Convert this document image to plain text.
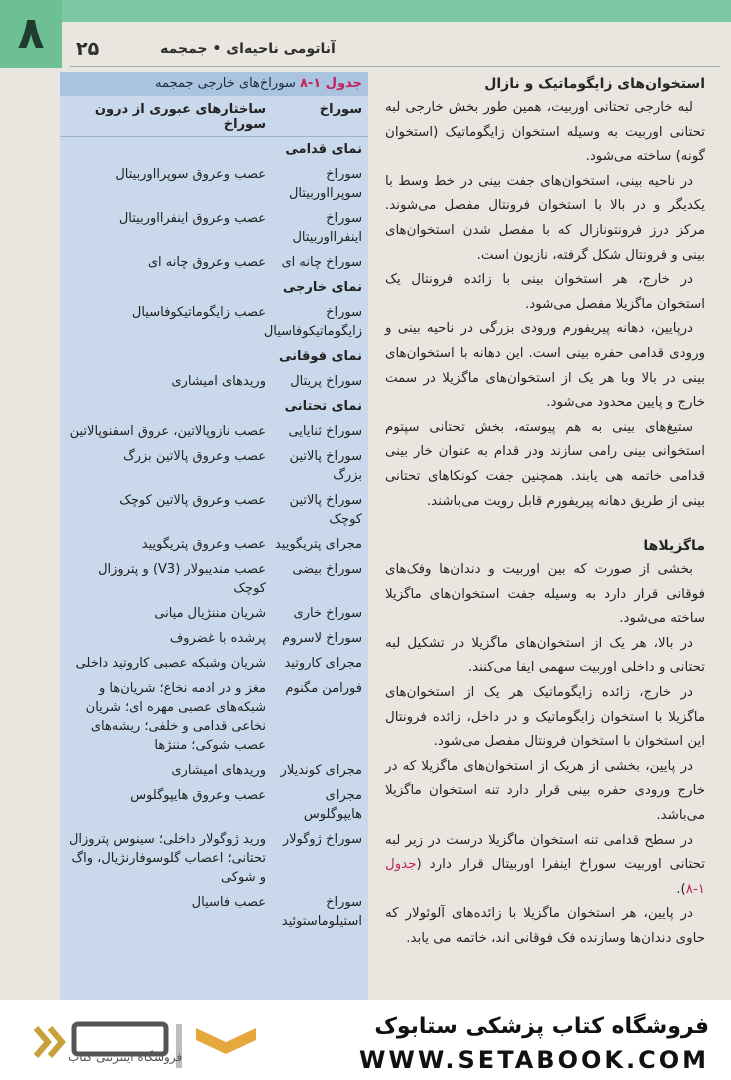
۸	۲۵	آناتومی ناحیه‌ای • جمجمه
جدول ۱-۸ سوراخ‌های خارجی جمجمه
سوراخ
ساختارهای عبوری از درون سوراخ
نمای قدامی
سوراخ سوپرااوربیتال
عصب وعروق سوپرااوربیتال
سوراخ اینفرااوربیتال
عصب وعروق اینفرااوربیتال
سوراخ چانه ای
عصب وعروق چانه ای
نمای خارجی
سوراخ زایگوماتیکوفاسیال
عصب زایگوماتیکوفاسیال
نمای فوقانی
سوراخ پریتال
وریدهای امیشاری
نمای تحتانی
سوراخ ثنایایی
عصب نازوپالاتین، عروق اسفنوپالاتین
سوراخ پالاتین بزرگ
عصب وعروق پالاتین بزرگ
سوراخ پالاتین کوچک
عصب وعروق پالاتین کوچک
مجرای پتریگویید
عصب وعروق پتریگویید
سوراخ بیضی
عصب مندیبولار (V3) و پتروزال کوچک
سوراخ خاری
شریان مننژیال میانی
سوراخ لاسروم
پرشده با غضروف
مجرای کاروتید
شریان وشبکه عصبی کاروتید داخلی
فورامن مگنوم
مغز و در ادمه نخاع؛ شریان‌ها و شبکه‌های عصبی مهره ای؛ شریان نخاعی قدامی و خلفی؛ ریشه‌های عصب شوکی؛ مننژها
مجرای کوندیلار
وریدهای امیشاری
مجرای هایپوگلوس
عصب وعروق هایپوگلوس
سوراخ ژوگولار
ورید ژوگولار داخلی؛ سینوس پتروزال تحتانی؛ اعصاب گلوسوفارنژیال، واگ و شوکی
سوراخ استیلوماستوئید
عصب فاسیال

استخوان‌های زایگوماتیک و نازال

لبه خارجی تحتانی اوربیت، همین طور بخش خارجی لبه تحتانی اوربیت به وسیله استخوان زایگوماتیک (استخوان گونه) ساخته می‌شود.

در ناحیه بینی، استخوان‌های جفت بینی در خط وسط با یکدیگر و در بالا با استخوان فرونتال مفصل می‌شوند. مرکز درز فرونتونازال که با مفصل شدن استخوان‌های بینی و فرونتال شکل گرفته، نازیون است.

در خارج، هر استخوان بینی با زائده فرونتال یک استخوان ماگزیلا مفصل می‌شود.

درپایین، دهانه پیریفورم ورودی بزرگی در ناحیه بینی و ورودی قدامی حفره بینی است. این دهانه با استخوان‌های بینی در بالا وبا هر یک از استخوان‌های ماگزیلا در سمت خارج و پایین محدود می‌شود.

ستیغ‌های بینی به هم پیوسته، بخش تحتانی سپتوم استخوانی بینی رامی سازند ودر قدام به عنوان خار بینی قدامی خاتمه هی یابند. همچنین جفت کونکاهای تحتانی بینی از طریق دهانه پیریفورم قابل رویت می‌باشند.

ماگزیلاها

بخشی از صورت که بین اوربیت و دندان‌ها وفک‌های فوقانی قرار دارد به وسیله جفت استخوان‌های ماگزیلا ساخته می‌شود.

در بالا، هر یک از استخوان‌های ماگزیلا در تشکیل لبه تحتانی و داخلی اوربیت سهمی ایفا می‌کنند.

در خارج، زائده زایگوماتیک هر یک از استخوان‌های ماگزیلا با استخوان زایگوماتیک و در داخل، زائده فرونتال این استخوان با استخوان فرونتال مفصل می‌شود.

در پایین، بخشی از هریک از استخوان‌های ماگزیلا که در خارج ورودی حفره بینی قرار دارد تنه استخوان ماگزیلا می‌باشد.

در سطح قدامی تنه استخوان ماگزیلا درست در زیر لبه تحتانی اوربیت سوراخ اینفرا اوربیتال قرار دارد (جدول ۱-۸).

در پایین، هر استخوان ماگزیلا با زائده‌های آلوئولار که حاوی دندان‌ها وسازنده فک فوقانی اند، خاتمه می یابد.

فروشگاه اینترنتی کتاب
فروشگاه کتاب پزشکی ستابوک
WWW.SETABOOK.COM
